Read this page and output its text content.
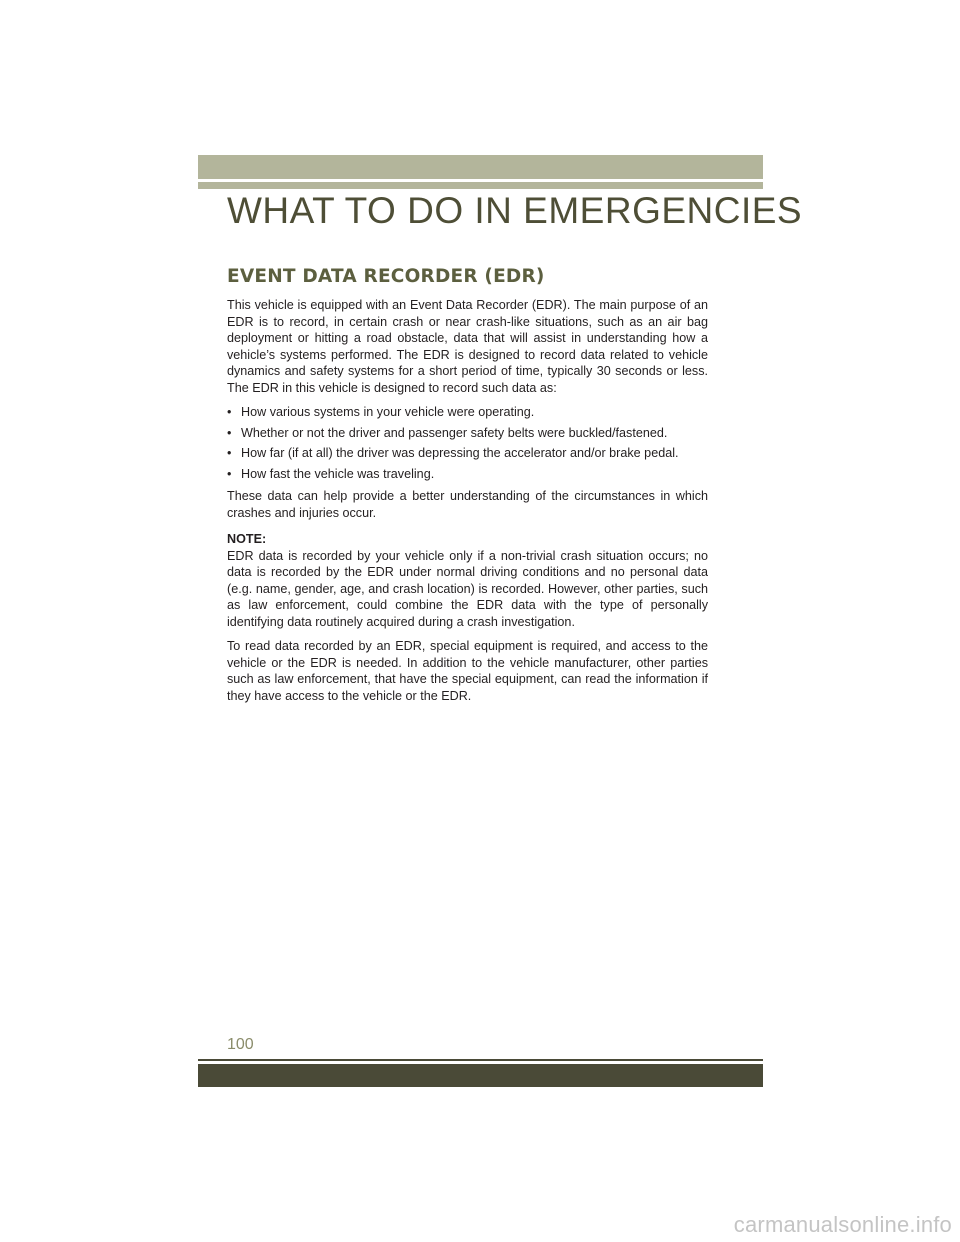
WHAT TO DO IN EMERGENCIES
EVENT DATA RECORDER (EDR)

This vehicle is equipped with an Event Data Recorder (EDR). The main purpose of an EDR is to record, in certain crash or near crash-like situations, such as an air bag deployment or hitting a road obstacle, data that will assist in understanding how a vehicle’s systems performed. The EDR is designed to record data related to vehicle dynamics and safety systems for a short period of time, typically 30 seconds or less. The EDR in this vehicle is designed to record such data as:

• How various systems in your vehicle were operating.
• Whether or not the driver and passenger safety belts were buckled/fastened.
• How far (if at all) the driver was depressing the accelerator and/or brake pedal.
• How fast the vehicle was traveling.

These data can help provide a better understanding of the circumstances in which crashes and injuries occur.

NOTE:

EDR data is recorded by your vehicle only if a non-trivial crash situation occurs; no data is recorded by the EDR under normal driving conditions and no personal data (e.g. name, gender, age, and crash location) is recorded. However, other parties, such as law enforcement, could combine the EDR data with the type of personally identifying data routinely acquired during a crash investigation.

To read data recorded by an EDR, special equipment is required, and access to the vehicle or the EDR is needed. In addition to the vehicle manufacturer, other parties such as law enforcement, that have the special equipment, can read the information if they have access to the vehicle or the EDR.

100
carmanualsonline.info
